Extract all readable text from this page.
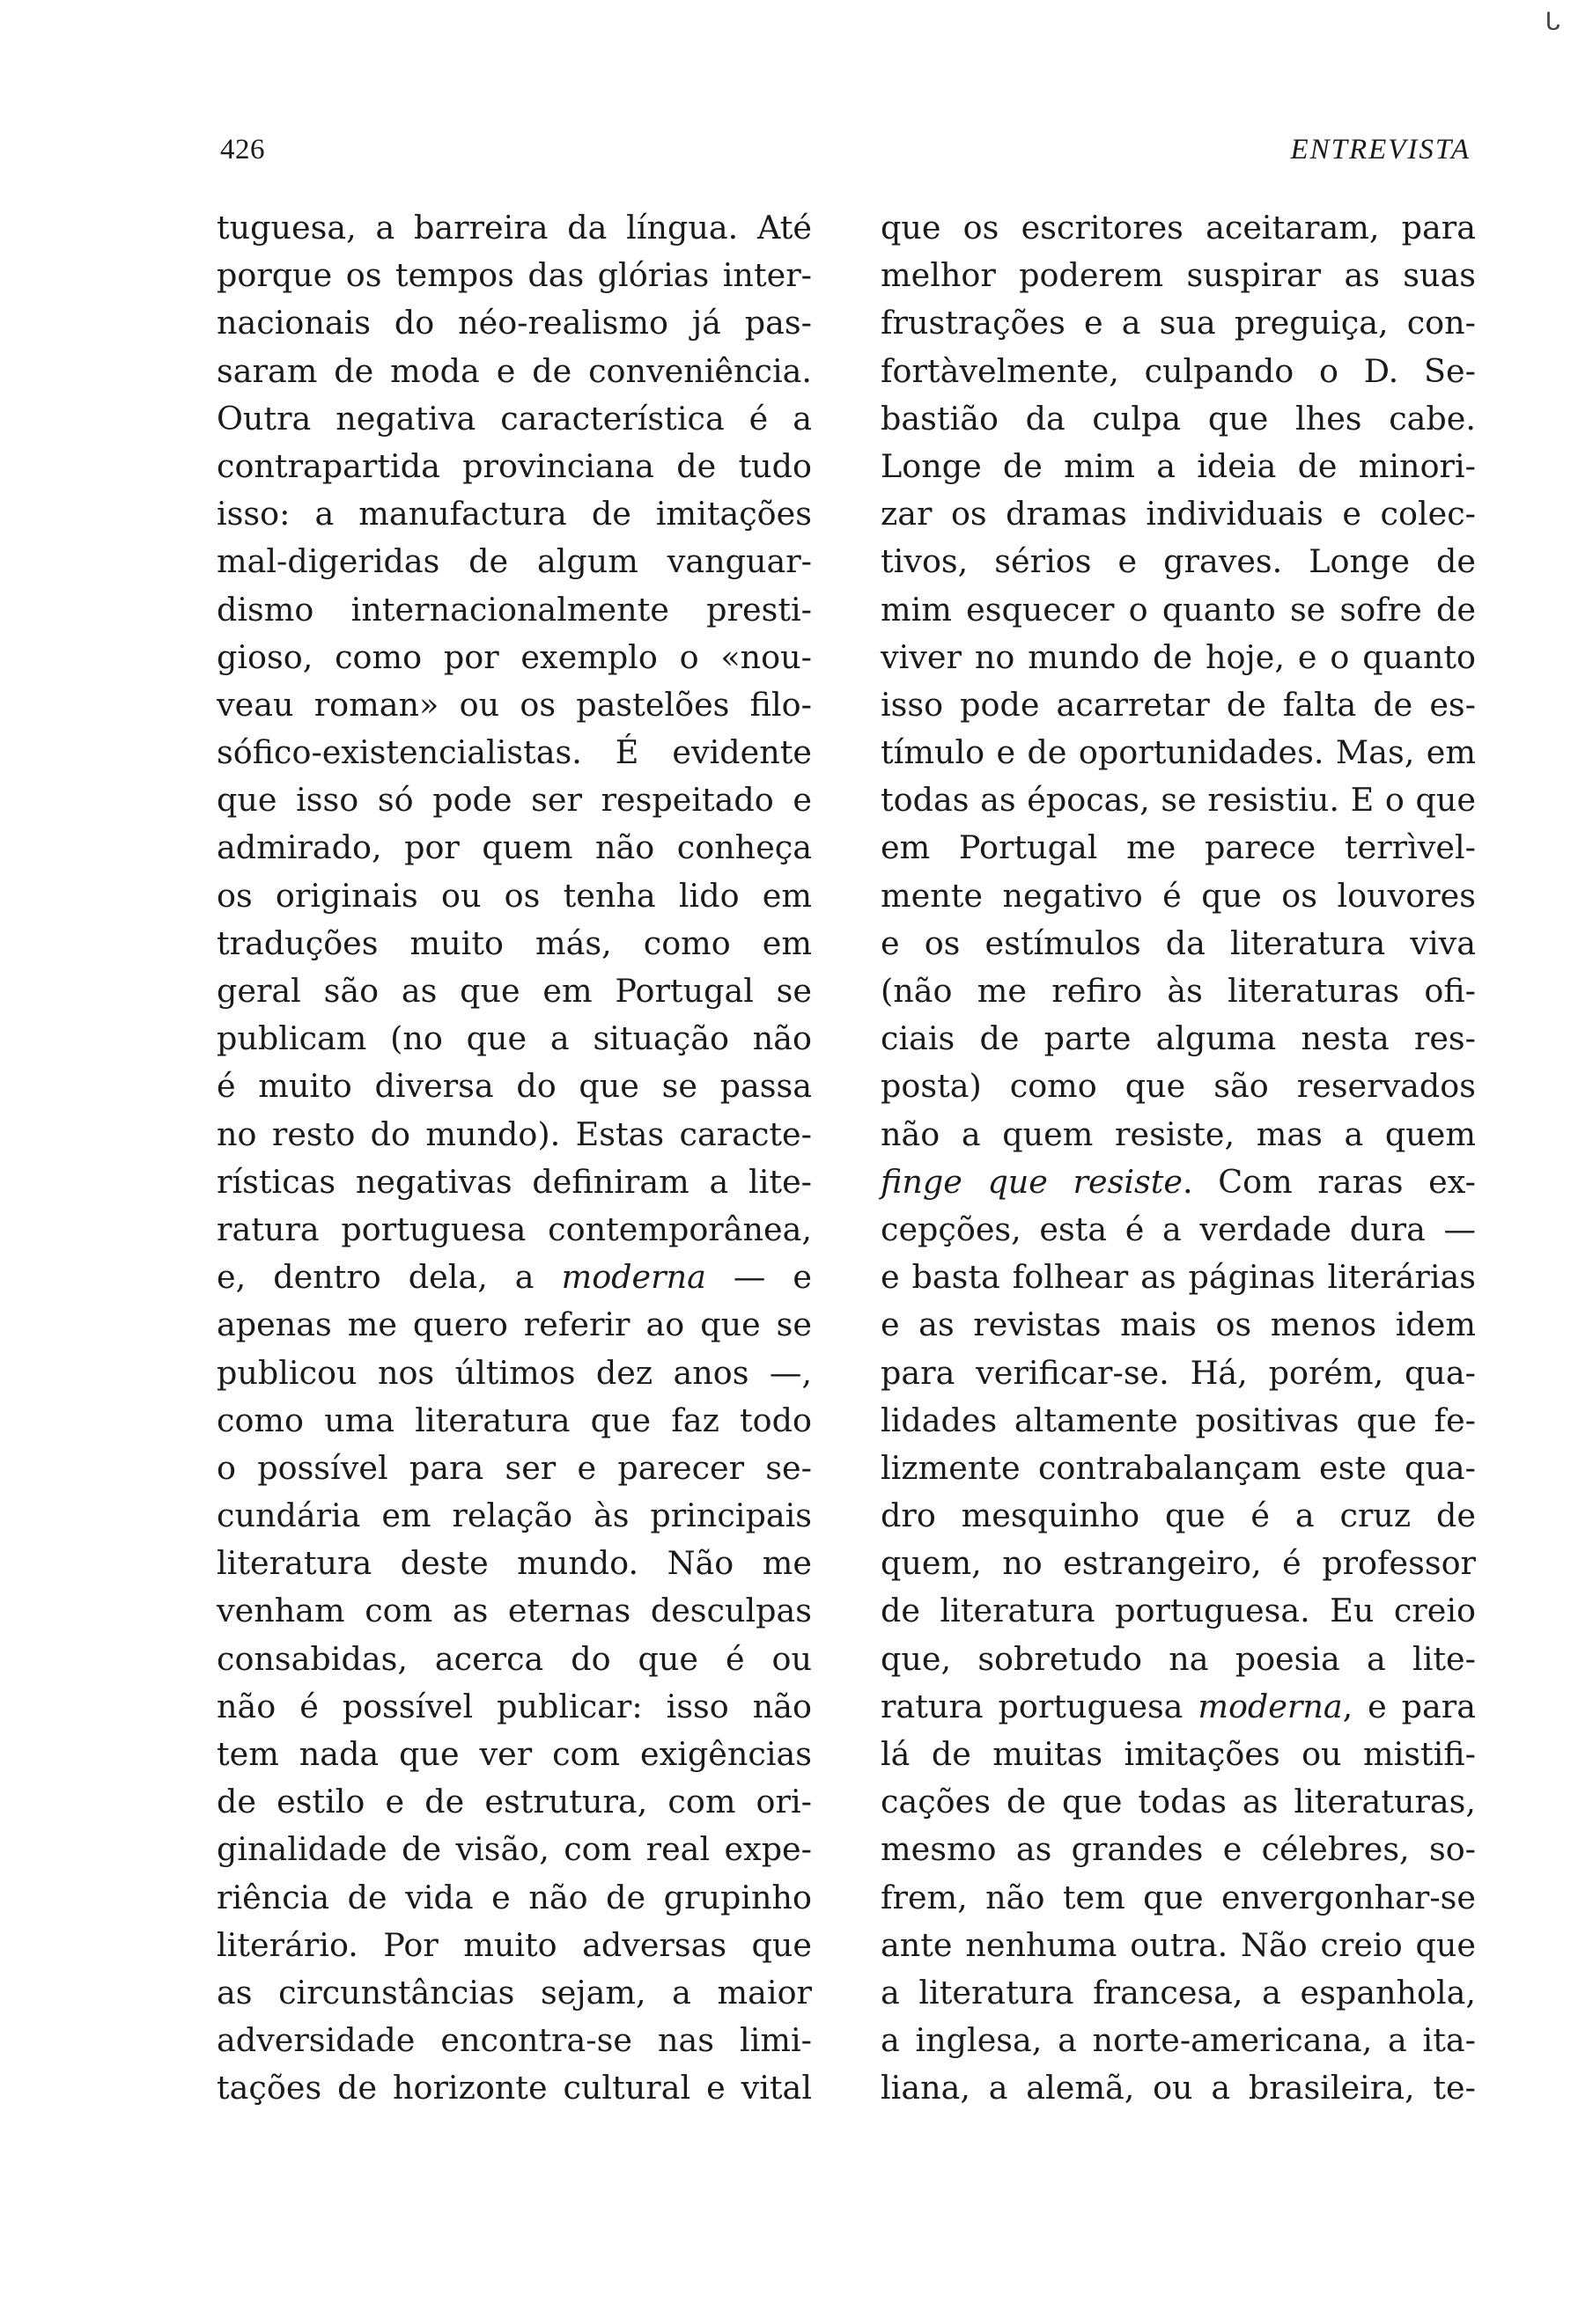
ᒐ
426	ENTREVISTA
tuguesa, a barreira da língua. Até
porque os tempos das glórias inter-
nacionais do néo-realismo já pas-
saram de moda e de conveniência.
Outra negativa característica é a
contrapartida provinciana de tudo
isso: a manufactura de imitações
mal-digeridas de algum vanguar-
dismo internacionalmente presti-
gioso, como por exemplo o «nou-
veau roman» ou os pastelões filo-
sófico-existencialistas. É evidente
que isso só pode ser respeitado e
admirado, por quem não conheça
os originais ou os tenha lido em
traduções muito más, como em
geral são as que em Portugal se
publicam (no que a situação não
é muito diversa do que se passa
no resto do mundo). Estas caracte-
rísticas negativas definiram a lite-
ratura portuguesa contemporânea,
e, dentro dela, a moderna — e
apenas me quero referir ao que se
publicou nos últimos dez anos —,
como uma literatura que faz todo
o possível para ser e parecer se-
cundária em relação às principais
literatura deste mundo. Não me
venham com as eternas desculpas
consabidas, acerca do que é ou
não é possível publicar: isso não
tem nada que ver com exigências
de estilo e de estrutura, com ori-
ginalidade de visão, com real expe-
riência de vida e não de grupinho
literário. Por muito adversas que
as circunstâncias sejam, a maior
adversidade encontra-se nas limi-
tações de horizonte cultural e vital
que os escritores aceitaram, para
melhor poderem suspirar as suas
frustrações e a sua preguiça, con-
fortàvelmente, culpando o D. Se-
bastião da culpa que lhes cabe.
Longe de mim a ideia de minori-
zar os dramas individuais e colec-
tivos, sérios e graves. Longe de
mim esquecer o quanto se sofre de
viver no mundo de hoje, e o quanto
isso pode acarretar de falta de es-
tímulo e de oportunidades. Mas, em
todas as épocas, se resistiu. E o que
em Portugal me parece terrìvel-
mente negativo é que os louvores
e os estímulos da literatura viva
(não me refiro às literaturas ofi-
ciais de parte alguma nesta res-
posta) como que são reservados
não a quem resiste, mas a quem
finge que resiste. Com raras ex-
cepções, esta é a verdade dura —
e basta folhear as páginas literárias
e as revistas mais os menos idem
para verificar-se. Há, porém, qua-
lidades altamente positivas que fe-
lizmente contrabalançam este qua-
dro mesquinho que é a cruz de
quem, no estrangeiro, é professor
de literatura portuguesa. Eu creio
que, sobretudo na poesia a lite-
ratura portuguesa moderna, e para
lá de muitas imitações ou mistifi-
cações de que todas as literaturas,
mesmo as grandes e célebres, so-
frem, não tem que envergonhar-se
ante nenhuma outra. Não creio que
a literatura francesa, a espanhola,
a inglesa, a norte-americana, a ita-
liana, a alemã, ou a brasileira, te-
